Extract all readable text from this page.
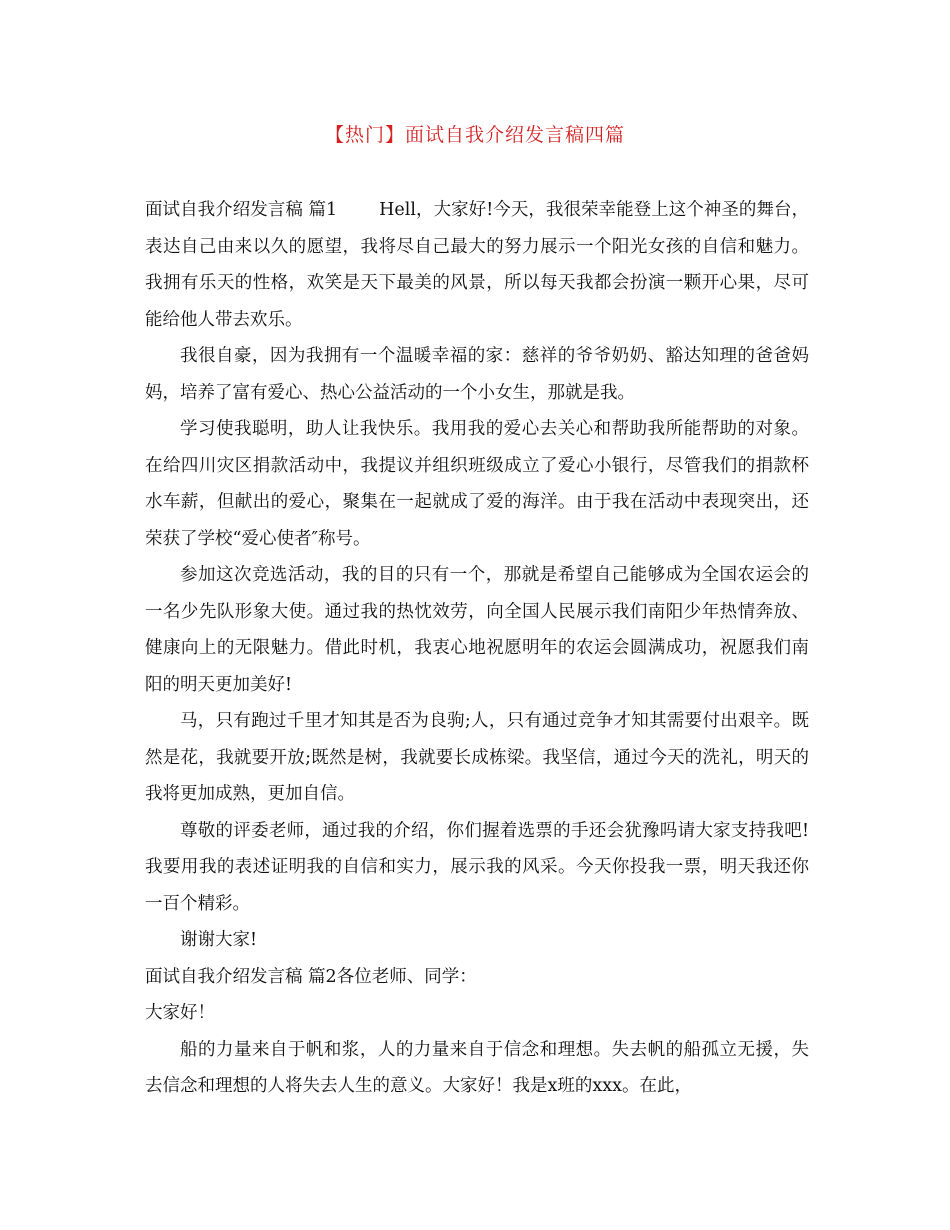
【热门】面试自我介绍发言稿四篇

面试自我介绍发言稿 篇1 Hell，大家好!今天，我很荣幸能登上这个神圣的舞台，表达自己由来以久的愿望，我将尽自己最大的努力展示一个阳光女孩的自信和魅力。我拥有乐天的性格，欢笑是天下最美的风景，所以每天我都会扮演一颗开心果，尽可能给他人带去欢乐。

我很自豪，因为我拥有一个温暖幸福的家：慈祥的爷爷奶奶、豁达知理的爸爸妈妈，培养了富有爱心、热心公益活动的一个小女生，那就是我。

学习使我聪明，助人让我快乐。我用我的爱心去关心和帮助我所能帮助的对象。在给四川灾区捐款活动中，我提议并组织班级成立了爱心小银行，尽管我们的捐款杯水车薪，但献出的爱心，聚集在一起就成了爱的海洋。由于我在活动中表现突出，还荣获了学校“爱心使者″称号。

参加这次竞选活动，我的目的只有一个，那就是希望自己能够成为全国农运会的一名少先队形象大使。通过我的热忱效劳，向全国人民展示我们南阳少年热情奔放、健康向上的无限魅力。借此时机，我衷心地祝愿明年的农运会圆满成功，祝愿我们南阳的明天更加美好!

马，只有跑过千里才知其是否为良驹;人，只有通过竞争才知其需要付出艰辛。既然是花，我就要开放;既然是树，我就要长成栋梁。我坚信，通过今天的洗礼，明天的我将更加成熟，更加自信。

尊敬的评委老师，通过我的介绍，你们握着选票的手还会犹豫吗请大家支持我吧!我要用我的表述证明我的自信和实力，展示我的风采。今天你投我一票，明天我还你一百个精彩。

谢谢大家!

面试自我介绍发言稿 篇2各位老师、同学：

大家好！

船的力量来自于帆和浆，人的力量来自于信念和理想。失去帆的船孤立无援，失去信念和理想的人将失去人生的意义。大家好！我是x班的xxx。在此，
